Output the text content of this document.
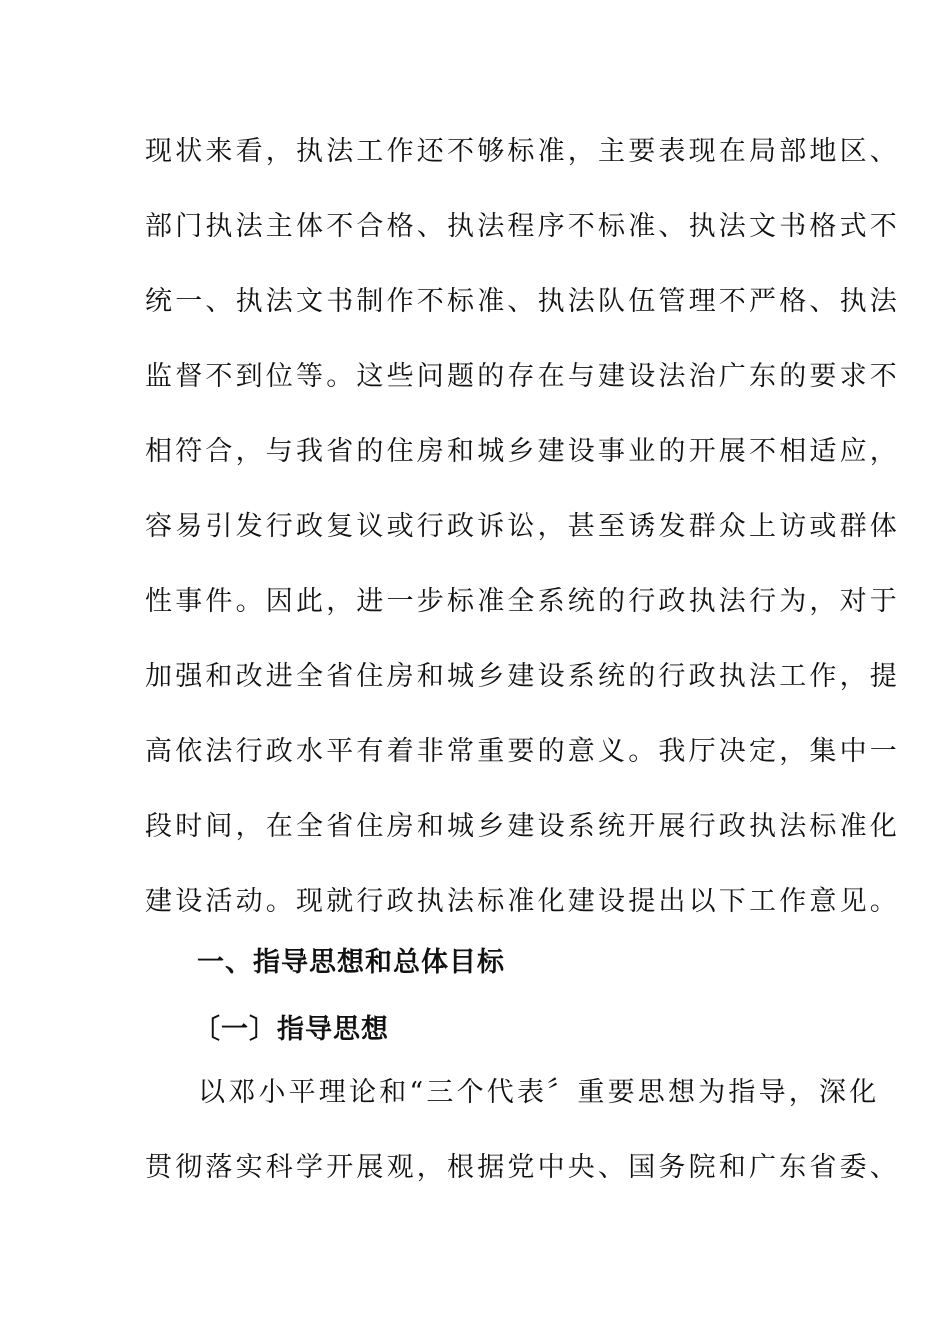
现状来看，执法工作还不够标准，主要表现在局部地区、
部门执法主体不合格、执法程序不标准、执法文书格式不
统一、执法文书制作不标准、执法队伍管理不严格、执法
监督不到位等。这些问题的存在与建设法治广东的要求不
相符合，与我省的住房和城乡建设事业的开展不相适应，
容易引发行政复议或行政诉讼，甚至诱发群众上访或群体
性事件。因此，进一步标准全系统的行政执法行为，对于
加强和改进全省住房和城乡建设系统的行政执法工作，提
高依法行政水平有着非常重要的意义。我厅决定，集中一
段时间，在全省住房和城乡建设系统开展行政执法标准化
建设活动。现就行政执法标准化建设提出以下工作意见。
一、指导思想和总体目标
〔一〕指导思想
以邓小平理论和“三个代表〞重要思想为指导，深化
贯彻落实科学开展观，根据党中央、国务院和广东省委、
